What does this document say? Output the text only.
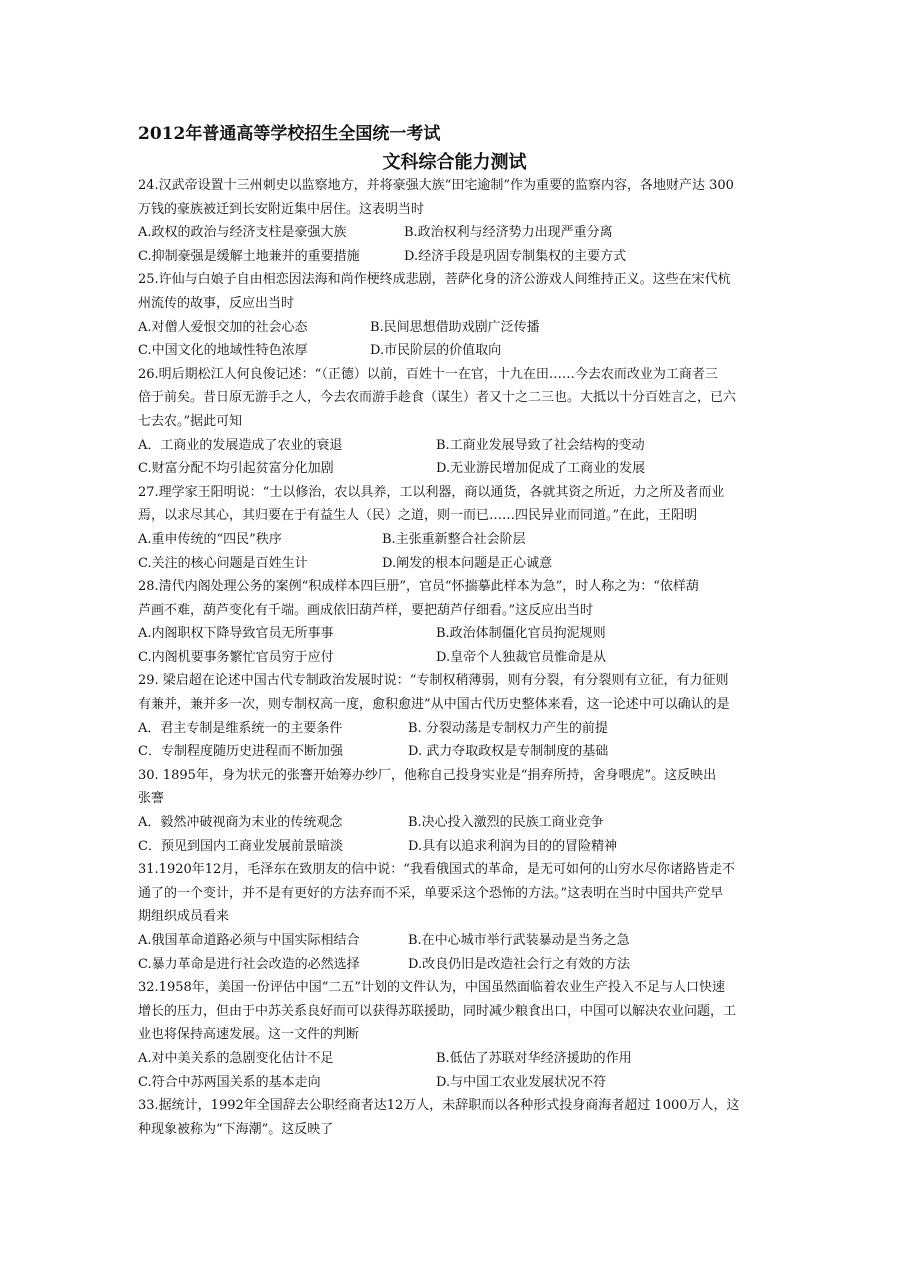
2012年普通高等学校招生全国统一考试
文科综合能力测试
24.汉武帝设置十三州刺史以监察地方，并将豪强大族“田宅逾制”作为重要的监察内容，各地财产达 300
万钱的豪族被迁到长安附近集中居住。这表明当时
A.政权的政治与经济支柱是豪强大族	B.政治权利与经济势力出现严重分离
C.抑制豪强是缓解土地兼并的重要措施	D.经济手段是巩固专制集权的主要方式
25.许仙与白娘子自由相恋因法海和尚作梗终成悲剧，菩萨化身的济公游戏人间维持正义。这些在宋代杭
州流传的故事，反应出当时
A.对僧人爱恨交加的社会心态	B.民间思想借助戏剧广泛传播
C.中国文化的地域性特色浓厚	D.市民阶层的价值取向
26.明后期松江人何良俊记述：“（正德）以前，百姓十一在官，十九在田……今去农而改业为工商者三
倍于前矣。昔日原无游手之人，今去农而游手趁食（谋生）者又十之二三也。大抵以十分百姓言之，已六
七去农。”据此可知
A．工商业的发展造成了农业的衰退	B.工商业发展导致了社会结构的变动
C.财富分配不均引起贫富分化加剧	D.无业游民增加促成了工商业的发展
27.理学家王阳明说：“士以修治，农以具养，工以利器，商以通货，各就其资之所近，力之所及者而业
焉，以求尽其心，其归要在于有益生人（民）之道，则一而已……四民异业而同道。”在此，王阳明
A.重申传统的“四民”秩序	B.主张重新整合社会阶层
C.关注的核心问题是百姓生计	D.阐发的根本问题是正心诚意
28.清代内阁处理公务的案例“积成样本四巨册”，官员“怀揣摹此样本为急”，时人称之为：“依样葫
芦画不难，葫芦变化有千端。画成依旧葫芦样，要把葫芦仔细看。”这反应出当时
A.内阁职权下降导致官员无所事事	B.政治体制僵化官员拘泥规则
C.内阁机要事务繁忙官员穷于应付	D.皇帝个人独裁官员惟命是从
29. 梁启超在论述中国古代专制政治发展时说：“专制权稍薄弱，则有分裂，有分裂则有立征，有力征则
有兼并，兼并多一次，则专制权高一度，愈积愈进”从中国古代历史整体来看，这一论述中可以确认的是
A．君主专制是维系统一的主要条件	B. 分裂动荡是专制权力产生的前提
C．专制程度随历史进程而不断加强	D. 武力夺取政权是专制制度的基础
30. 1895年，身为状元的张謇开始筹办纱厂，他称自己投身实业是“捐弃所持，舍身喂虎”。这反映出
张謇
A．毅然冲破视商为末业的传统观念	B.决心投入激烈的民族工商业竞争
C．预见到国内工商业发展前景暗淡	D.具有以追求利润为目的的冒险精神
31.1920年12月，毛泽东在致朋友的信中说：“我看俄国式的革命，是无可如何的山穷水尽你诸路皆走不
通了的一个变计，并不是有更好的方法弃而不采，单要采这个恐怖的方法。”这表明在当时中国共产党早
期组织成员看来
A.俄国革命道路必须与中国实际相结合	B.在中心城市举行武装暴动是当务之急
C.暴力革命是进行社会改造的必然选择	D.改良仍旧是改造社会行之有效的方法
32.1958年，美国一份评估中国“二五”计划的文件认为，中国虽然面临着农业生产投入不足与人口快速
增长的压力，但由于中苏关系良好而可以获得苏联援助，同时减少粮食出口，中国可以解决农业问题，工
业也将保持高速发展。这一文件的判断
A.对中美关系的急剧变化估计不足	B.低估了苏联对华经济援助的作用
C.符合中苏两国关系的基本走向	D.与中国工农业发展状况不符
33.据统计，1992年全国辞去公职经商者达12万人，未辞职而以各种形式投身商海者超过 1000万人，这
种现象被称为“下海潮”。这反映了
